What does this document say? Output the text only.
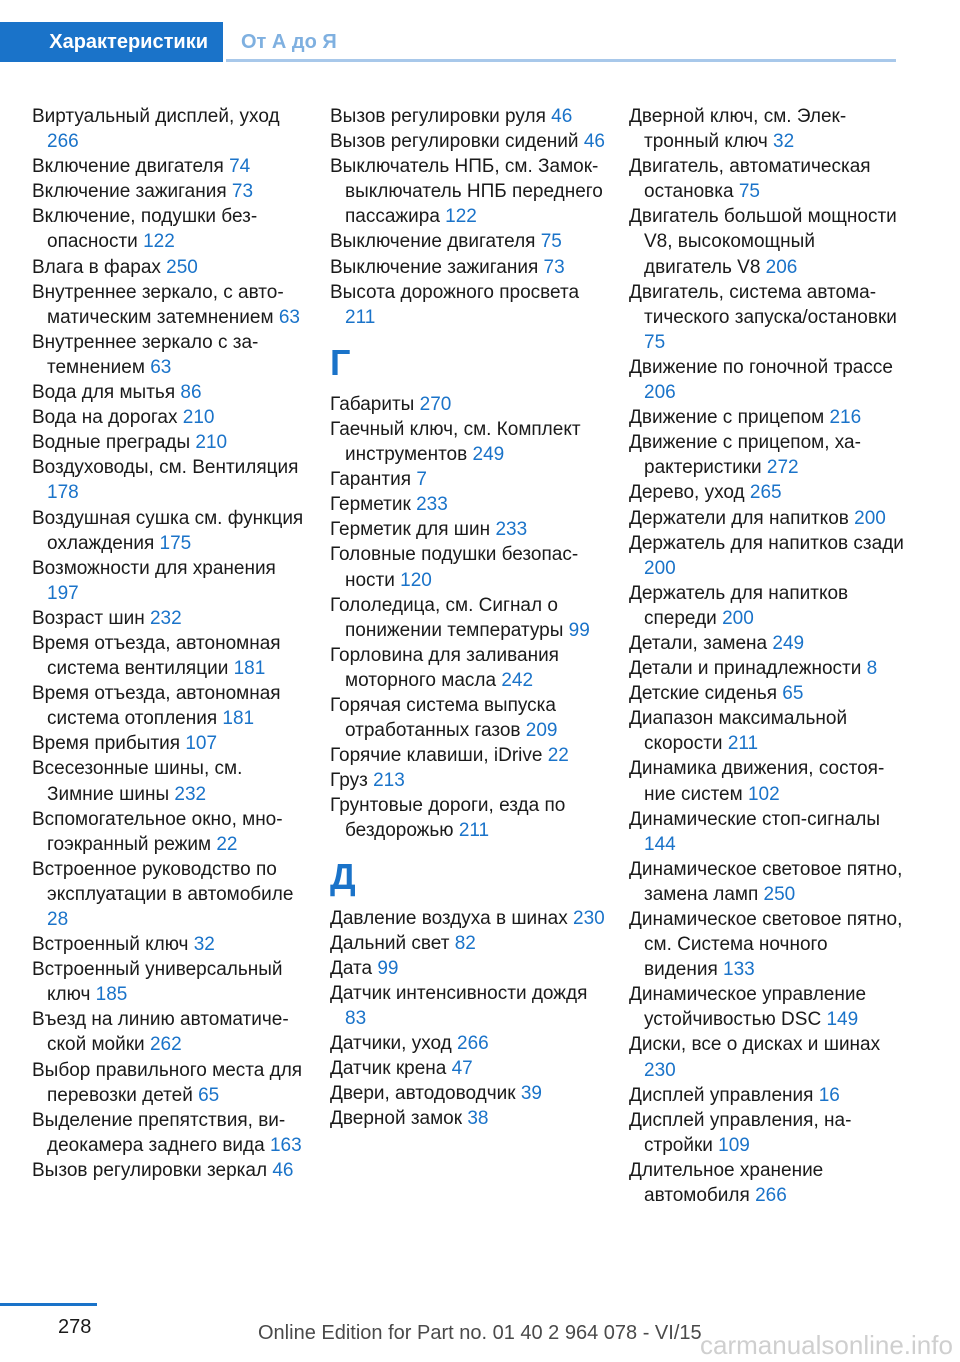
Характеристики	От А до Я
Виртуальный дисплей, уход 266
Включение двигателя 74
Включение зажигания 73
Включение, подушки безопасности 122
Влага в фарах 250
Внутреннее зеркало, с автоматическим затемнением 63
Внутреннее зеркало с затемнением 63
Вода для мытья 86
Вода на дорогах 210
Водные преграды 210
Воздуховоды, см. Вентиляция 178
Воздушная сушка см. функция охлаждения 175
Возможности для хранения 197
Возраст шин 232
Время отъезда, автономная система вентиляции 181
Время отъезда, автономная система отопления 181
Время прибытия 107
Всесезонные шины, см. Зимние шины 232
Вспомогательное окно, многоэкранный режим 22
Встроенное руководство по эксплуатации в автомобиле 28
Встроенный ключ 32
Встроенный универсальный ключ 185
Въезд на линию автоматической мойки 262
Выбор правильного места для перевозки детей 65
Выделение препятствия, видеокамера заднего вида 163
Вызов регулировки зеркал 46
Вызов регулировки руля 46
Вызов регулировки сидений 46
Выключатель НПБ, см. Замок-выключатель НПБ переднего пассажира 122
Выключение двигателя 75
Выключение зажигания 73
Высота дорожного просвета 211
Г
Габариты 270
Гаечный ключ, см. Комплект инструментов 249
Гарантия 7
Герметик 233
Герметик для шин 233
Головные подушки безопасности 120
Гололедица, см. Сигнал о понижении температуры 99
Горловина для заливания моторного масла 242
Горячая система выпуска отработанных газов 209
Горячие клавиши, iDrive 22
Груз 213
Грунтовые дороги, езда по бездорожью 211
Д
Давление воздуха в шинах 230
Дальний свет 82
Дата 99
Датчик интенсивности дождя 83
Датчики, уход 266
Датчик крена 47
Двери, автодоводчик 39
Дверной замок 38
Дверной ключ, см. Электронный ключ 32
Двигатель, автоматическая остановка 75
Двигатель большой мощности V8, высокомощный двигатель V8 206
Двигатель, система автоматического запуска/остановки 75
Движение по гоночной трассе 206
Движение с прицепом 216
Движение с прицепом, характеристики 272
Дерево, уход 265
Держатели для напитков 200
Держатель для напитков сзади 200
Держатель для напитков спереди 200
Детали, замена 249
Детали и принадлежности 8
Детские сиденья 65
Диапазон максимальной скорости 211
Динамика движения, состояние систем 102
Динамические стоп-сигналы 144
Динамическое световое пятно, замена ламп 250
Динамическое световое пятно, см. Система ночного видения 133
Динамическое управление устойчивостью DSC 149
Диски, все о дисках и шинах 230
Дисплей управления 16
Дисплей управления, настройки 109
Длительное хранение автомобиля 266
278	Online Edition for Part no. 01 40 2 964 078 - VI/15
carmanualsonline.info
